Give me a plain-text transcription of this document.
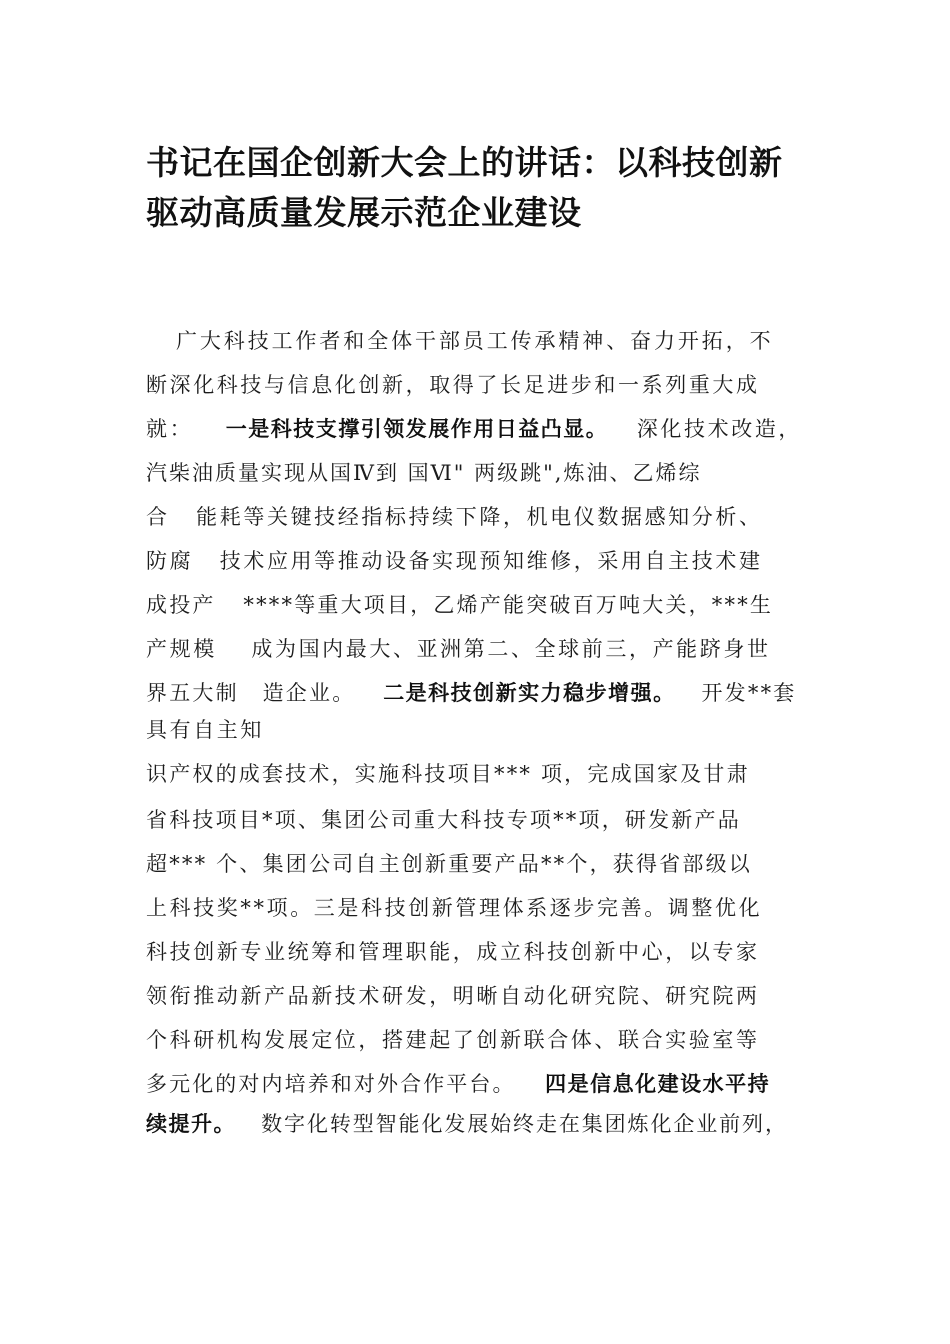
书记在国企创新大会上的讲话：以科技创新
驱动高质量发展示范企业建设
广大科技工作者和全体干部员工传承精神、奋力开拓，不
断深化科技与信息化创新，取得了长足进步和一系列重大成
就： 一是科技支撑引领发展作用日益凸显。 深化技术改造，
汽柴油质量实现从国Ⅳ到 国Ⅵ" 两级跳",炼油、乙烯综
合 能耗等关键技经指标持续下降，机电仪数据感知分析、
防腐 技术应用等推动设备实现预知维修，采用自主技术建
成投产 ****等重大项目，乙烯产能突破百万吨大关，***生
产规模 成为国内最大、亚洲第二、全球前三，产能跻身世
界五大制 造企业。 二是科技创新实力稳步增强。 开发**套
具有自主知
识产权的成套技术，实施科技项目*** 项，完成国家及甘肃
省科技项目*项、集团公司重大科技专项**项，研发新产品
超*** 个、集团公司自主创新重要产品**个，获得省部级以
上科技奖**项。三是科技创新管理体系逐步完善。调整优化
科技创新专业统筹和管理职能，成立科技创新中心，以专家
领衔推动新产品新技术研发，明晰自动化研究院、研究院两
个科研机构发展定位，搭建起了创新联合体、联合实验室等
多元化的对内培养和对外合作平台。 四是信息化建设水平持
续提升。 数字化转型智能化发展始终走在集团炼化企业前列，
